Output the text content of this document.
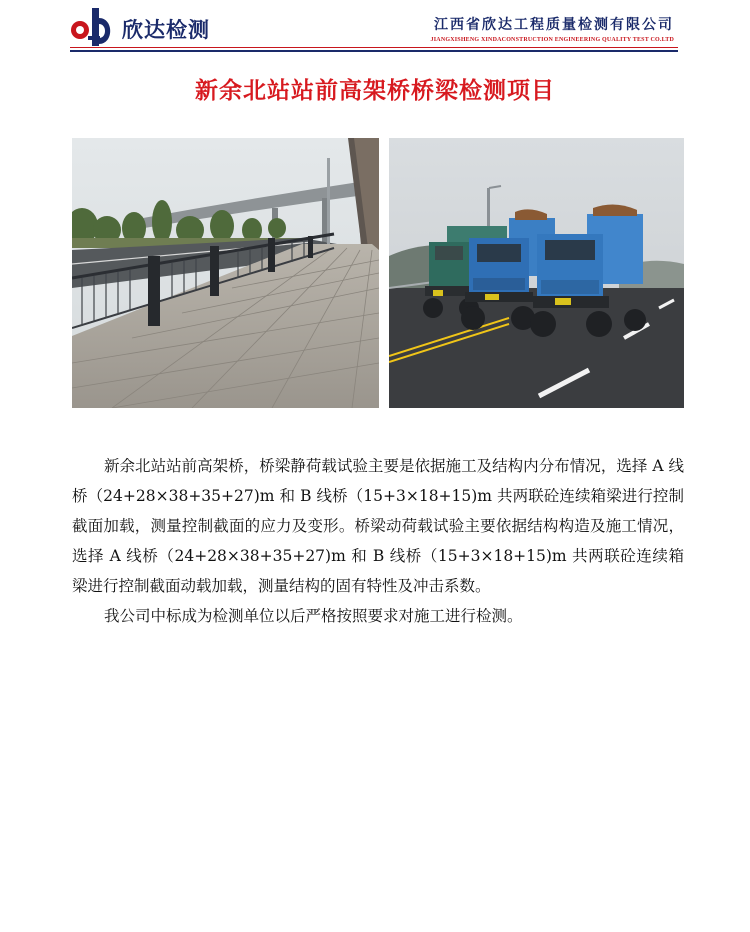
欣达检测	江西省欣达工程质量检测有限公司
JIANGXISHENG XINDACONSTRUCTION ENGINEERING QUALITY TEST CO.LTD
新余北站站前高架桥桥梁检测项目

新余北站站前高架桥，桥梁静荷载试验主要是依据施工及结构内分布情况，选择 A 线桥（24+28×38+35+27)m 和 B 线桥（15+3×18+15)m 共两联砼连续箱梁进行控制截面加载，测量控制截面的应力及变形。桥梁动荷载试验主要依据结构构造及施工情况，选择 A 线桥（24+28×38+35+27)m 和 B 线桥（15+3×18+15)m 共两联砼连续箱梁进行控制截面动载加载，测量结构的固有特性及冲击系数。

我公司中标成为检测单位以后严格按照要求对施工进行检测。
